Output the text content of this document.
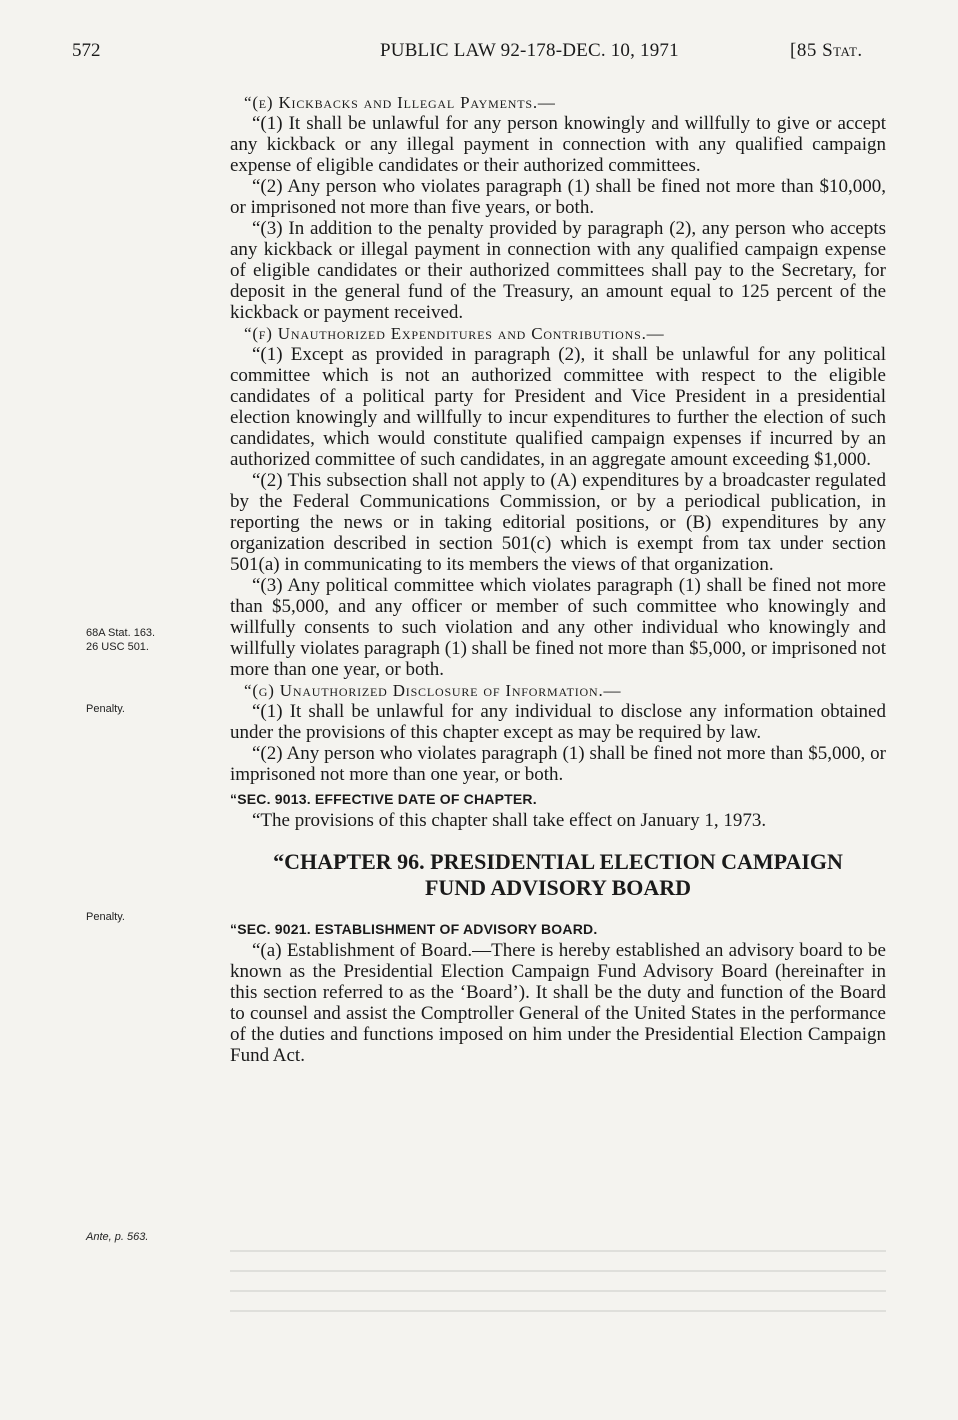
572	PUBLIC LAW 92-178-DEC. 10, 1971	[85 Stat.

“(e) Kickbacks and Illegal Payments.—

“(1) It shall be unlawful for any person knowingly and willfully to give or accept any kickback or any illegal payment in connection with any qualified campaign expense of eligible candidates or their authorized committees.

“(2) Any person who violates paragraph (1) shall be fined not more than $10,000, or imprisoned not more than five years, or both.

“(3) In addition to the penalty provided by paragraph (2), any person who accepts any kickback or illegal payment in connection with any qualified campaign expense of eligible candidates or their authorized committees shall pay to the Secretary, for deposit in the general fund of the Treasury, an amount equal to 125 percent of the kickback or payment received.

“(f) Unauthorized Expenditures and Contributions.—

“(1) Except as provided in paragraph (2), it shall be unlawful for any political committee which is not an authorized committee with respect to the eligible candidates of a political party for President and Vice President in a presidential election knowingly and willfully to incur expenditures to further the election of such candidates, which would constitute qualified campaign expenses if incurred by an authorized committee of such candidates, in an aggregate amount exceeding $1,000.

“(2) This subsection shall not apply to (A) expenditures by a broadcaster regulated by the Federal Communications Commission, or by a periodical publication, in reporting the news or in taking editorial positions, or (B) expenditures by any organization described in section 501(c) which is exempt from tax under section 501(a) in communicating to its members the views of that organization.

“(3) Any political committee which violates paragraph (1) shall be fined not more than $5,000, and any officer or member of such committee who knowingly and willfully consents to such violation and any other individual who knowingly and willfully violates paragraph (1) shall be fined not more than $5,000, or imprisoned not more than one year, or both.

“(g) Unauthorized Disclosure of Information.—

“(1) It shall be unlawful for any individual to disclose any information obtained under the provisions of this chapter except as may be required by law.

“(2) Any person who violates paragraph (1) shall be fined not more than $5,000, or imprisoned not more than one year, or both.

“SEC. 9013. EFFECTIVE DATE OF CHAPTER.

“The provisions of this chapter shall take effect on January 1, 1973.

“CHAPTER 96. PRESIDENTIAL ELECTION CAMPAIGN
FUND ADVISORY BOARD

“SEC. 9021. ESTABLISHMENT OF ADVISORY BOARD.

“(a) Establishment of Board.—There is hereby established an advisory board to be known as the Presidential Election Campaign Fund Advisory Board (hereinafter in this section referred to as the ‘Board’). It shall be the duty and function of the Board to counsel and assist the Comptroller General of the United States in the performance of the duties and functions imposed on him under the Presidential Election Campaign Fund Act.

68A Stat. 163.
26 USC 501.
Penalty.
Penalty.
Ante, p. 563.
